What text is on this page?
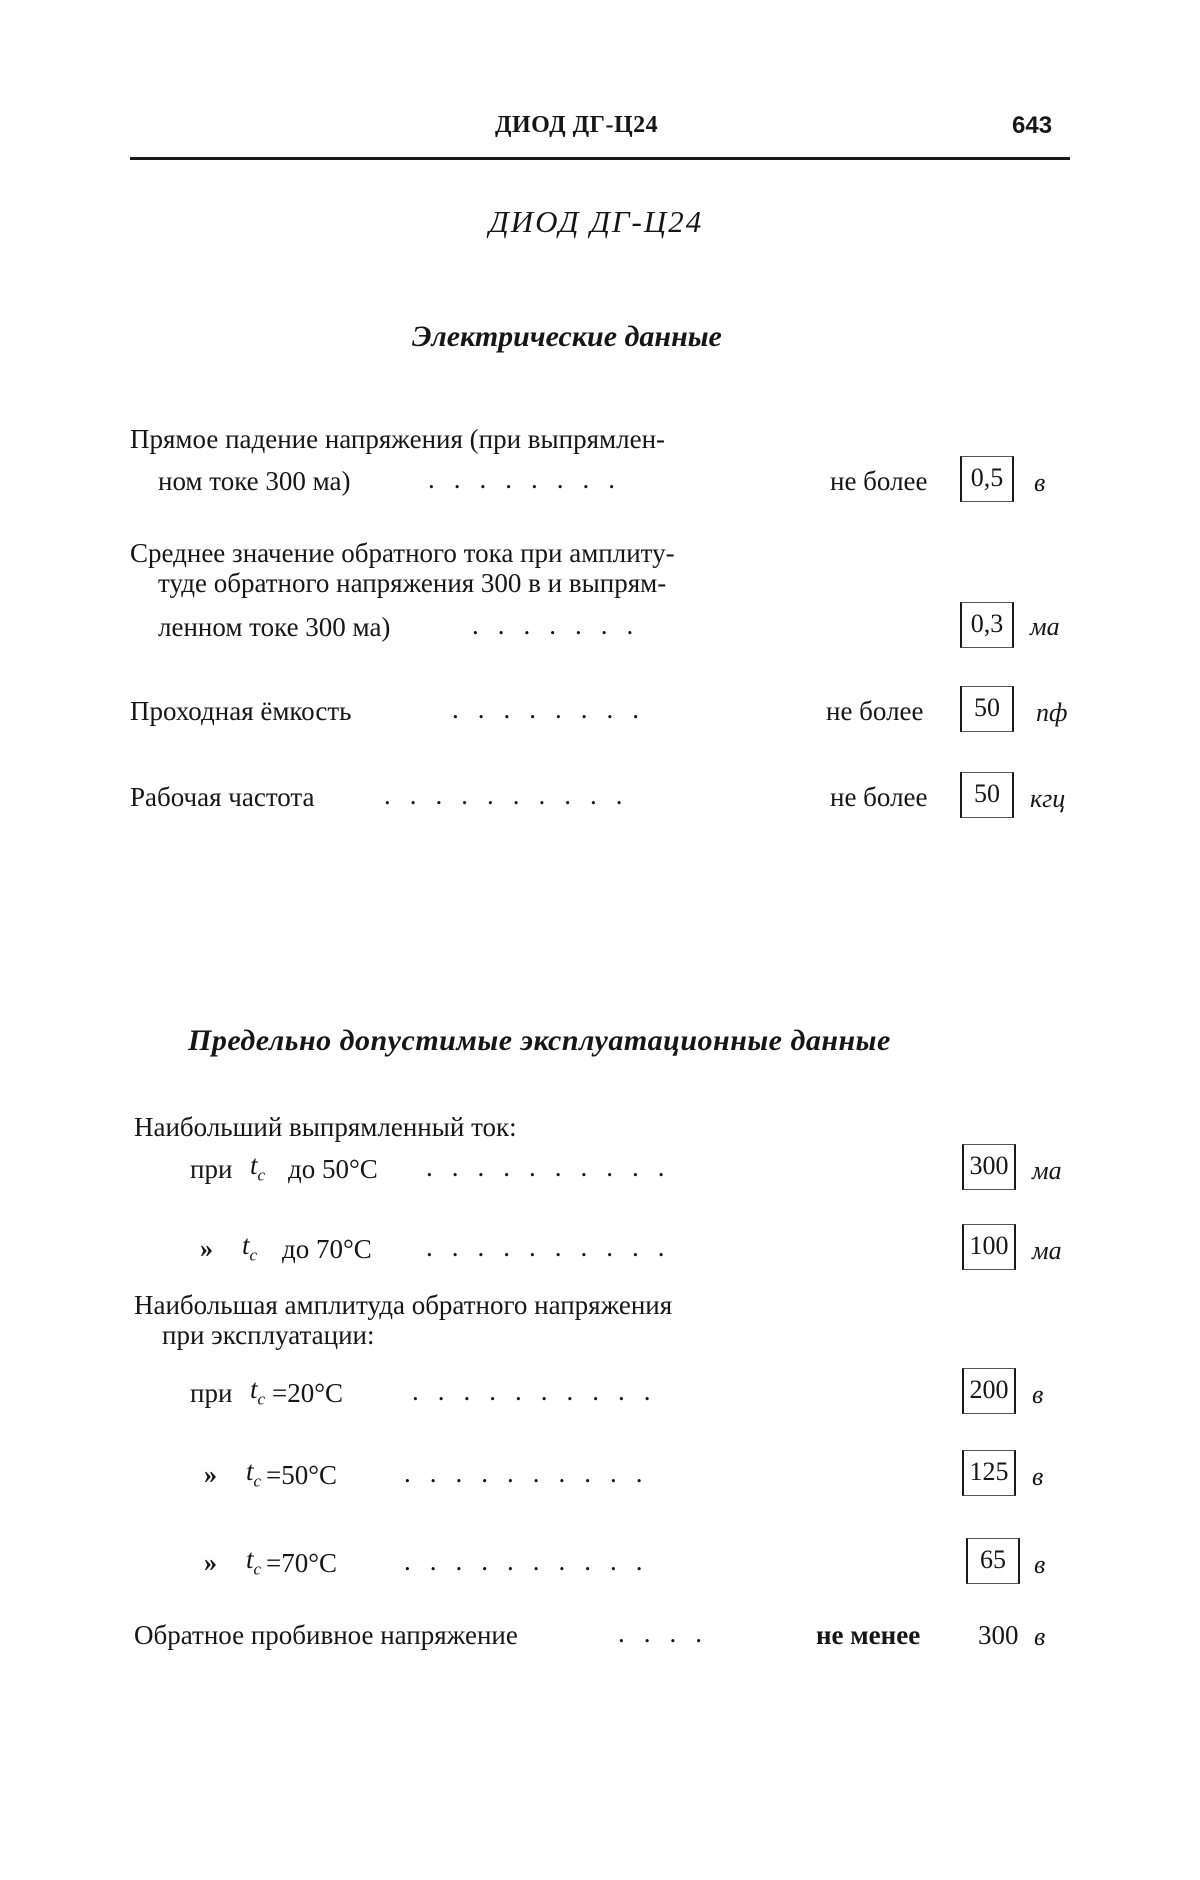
ДИОД ДГ-Ц24	643
ДИОД ДГ-Ц24
Электрические данные
Прямое падение напряжения (при выпрямлен-
ном токе 300 ма)	........	не более	0,5	в
Среднее значение обратного тока при амплиту-
туде обратного напряжения 300 в и выпрям-
ленном токе 300 ма)	.......	0,3	ма
Проходная ёмкость	........	не более	50	пф
Рабочая частота	..........	не более	50	кгц
Предельно допустимые эксплуатационные данные
Наибольший выпрямленный ток:
при $t_с$ до 50°С ..........	300 ма
» $t_с$ до 70°С ..........	100 ма
Наибольшая амплитуда обратного напряжения
при эксплуатации:
при $t_с =20^\circ С$	..........	200 в
» $t_с =50^\circ С$ ..........	125 в
» $t_с =70^\circ С$ ..........	65	в
Обратное пробивное напряжение	....	не менее 300 в
